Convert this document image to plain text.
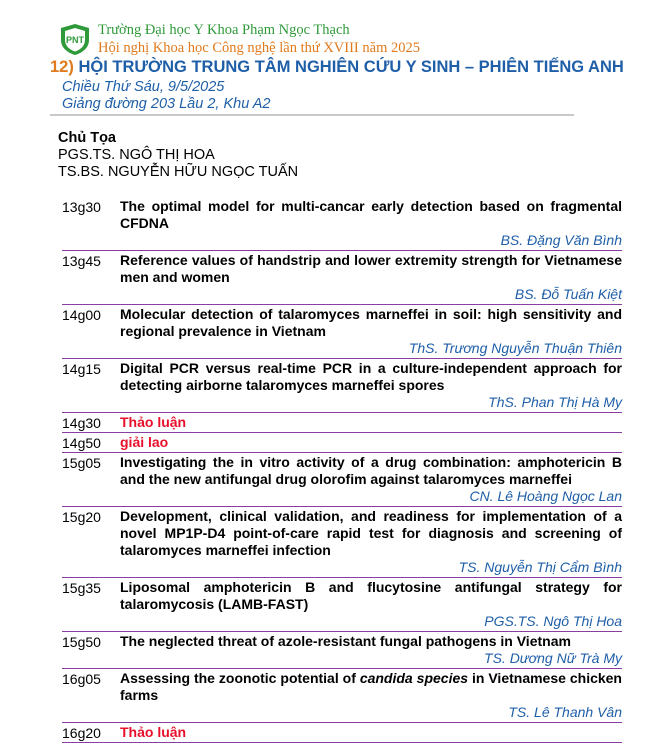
PNT
Trường Đại học Y Khoa Phạm Ngọc Thạch
Hội nghị Khoa học Công nghệ lần thứ XVIII năm 2025
12) HỘI TRƯỜNG TRUNG TÂM NGHIÊN CỨU Y SINH – PHIÊN TIẾNG ANH
Chiều Thứ Sáu, 9/5/2025
Giảng đường 203 Lầu 2, Khu A2
Chủ Tọa
PGS.TS. NGÔ THỊ HOA
TS.BS. NGUYỄN HỮU NGỌC TUẤN
13g30	The optimal model for multi-cancar early detection based on fragmental CFDNA
BS. Đặng Văn Bình
13g45	Reference values of handstrip and lower extremity strength for Vietnamese men and women
BS. Đỗ Tuấn Kiệt
14g00	Molecular detection of talaromyces marneffei in soil: high sensitivity and regional prevalence in Vietnam
ThS. Trương Nguyễn Thuận Thiên
14g15	Digital PCR versus real-time PCR in a culture-independent approach for detecting airborne talaromyces marneffei spores
ThS. Phan Thị Hà My
14g30	Thảo luận
14g50	giải lao
15g05	Investigating the in vitro activity of a drug combination: amphotericin B and the new antifungal drug olorofim against talaromyces marneffei
CN. Lê Hoàng Ngọc Lan
15g20	Development, clinical validation, and readiness for implementation of a novel MP1P-D4 point-of-care rapid test for diagnosis and screening of talaromyces marneffei infection
TS. Nguyễn Thị Cẩm Bình
15g35	Liposomal amphotericin B and flucytosine antifungal strategy for talaromycosis (LAMB-FAST)
PGS.TS. Ngô Thị Hoa
15g50	The neglected threat of azole-resistant fungal pathogens in Vietnam
TS. Dương Nữ Trà My
16g05	Assessing the zoonotic potential of candida species in Vietnamese chicken farms
TS. Lê Thanh Vân
16g20	Thảo luận
